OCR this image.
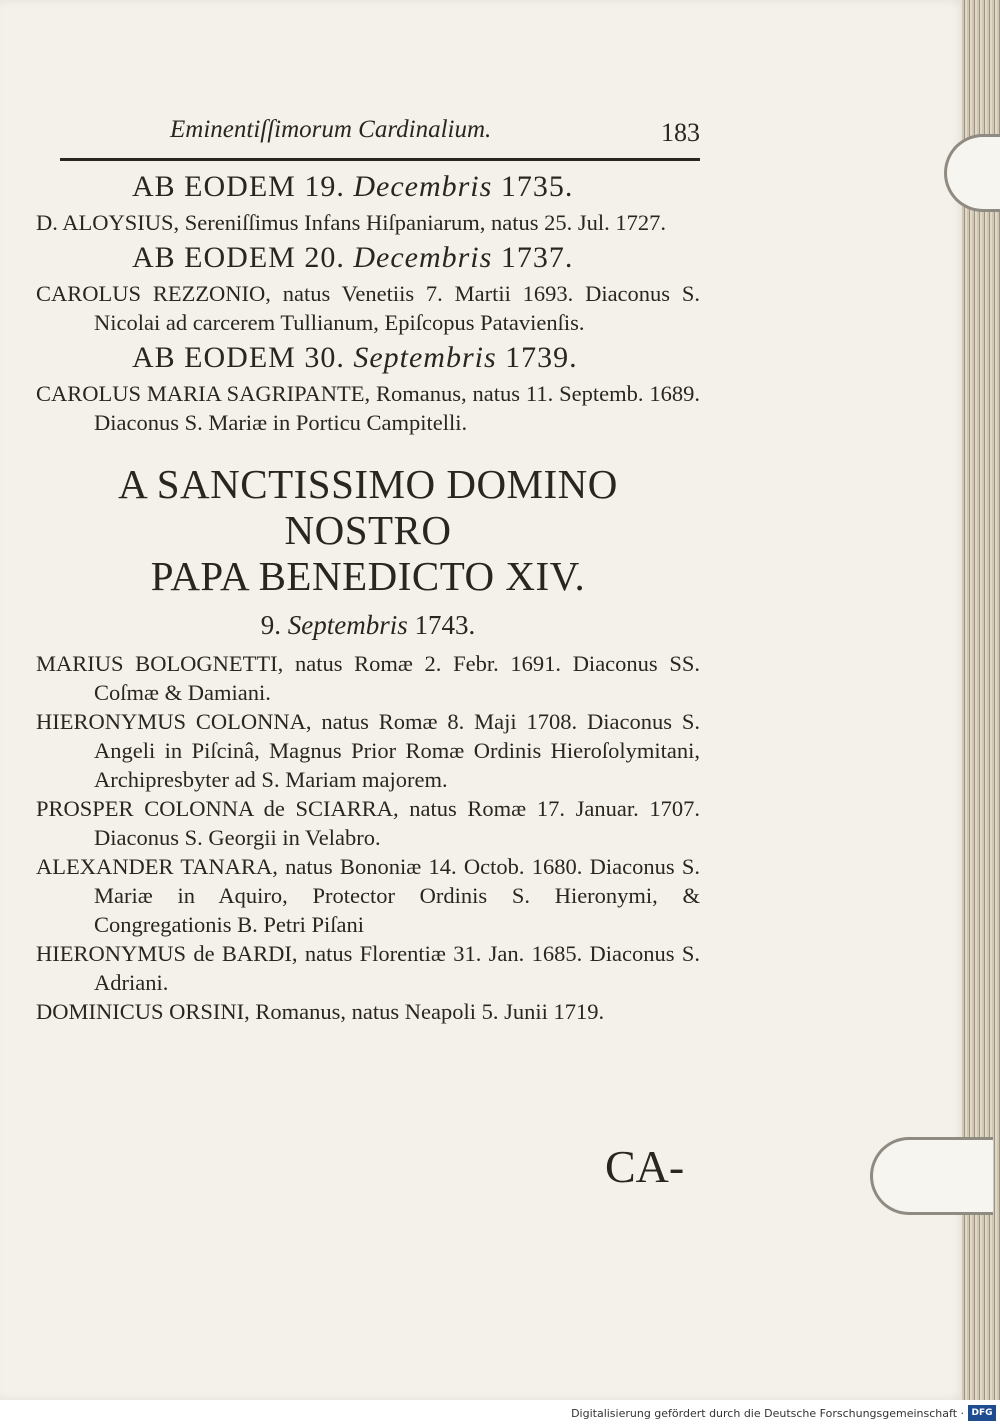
Eminentiſſimorum Cardinalium.	183
AB EODEM 19. Decembris 1735.
D. ALOYSIUS, Sereniſſimus Infans Hiſpaniarum, natus 25. Jul. 1727.
AB EODEM 20. Decembris 1737.
CAROLUS REZZONIO, natus Venetiis 7. Martii 1693. Diaconus S. Nicolai ad carcerem Tullianum, Epiſcopus Patavienſis.
AB EODEM 30. Septembris 1739.
CAROLUS MARIA SAGRIPANTE, Romanus, natus 11. Septemb. 1689. Diaconus S. Mariæ in Porticu Campitelli.
A SANCTISSIMO DOMINO NOSTRO
PAPA BENEDICTO XIV.
9. Septembris 1743.
MARIUS BOLOGNETTI, natus Romæ 2. Febr. 1691. Diaconus SS. Coſmæ & Damiani.
HIERONYMUS COLONNA, natus Romæ 8. Maji 1708. Diaconus S. Angeli in Piſcinâ, Magnus Prior Romæ Ordinis Hieroſolymitani, Archipresbyter ad S. Mariam majorem.
PROSPER COLONNA de SCIARRA, natus Romæ 17. Januar. 1707. Diaconus S. Georgii in Velabro.
ALEXANDER TANARA, natus Bononiæ 14. Octob. 1680. Diaconus S. Mariæ in Aquiro, Protector Ordinis S. Hieronymi, & Congregationis B. Petri Piſani
HIERONYMUS de BARDI, natus Florentiæ 31. Jan. 1685. Diaconus S. Adriani.
DOMINICUS ORSINI, Romanus, natus Neapoli 5. Junii 1719.
CA-
Digitalisierung gefördert durch die Deutsche Forschungsgemeinschaft · DFG
